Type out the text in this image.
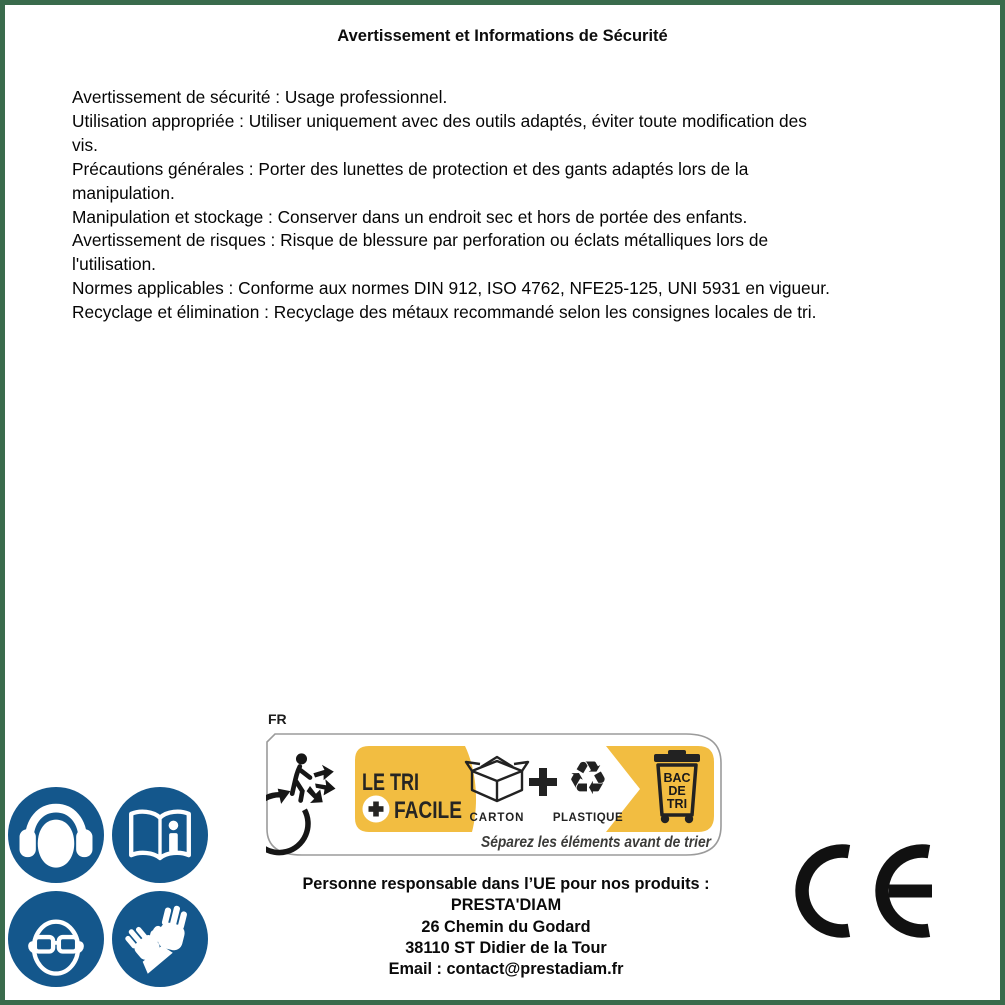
Avertissement et Informations de Sécurité
Avertissement de sécurité : Usage professionnel.
Utilisation appropriée : Utiliser uniquement avec des outils adaptés, éviter toute modification des
vis.
Précautions générales : Porter des lunettes de protection et des gants adaptés lors de la
manipulation.
Manipulation et stockage : Conserver dans un endroit sec et hors de portée des enfants.
Avertissement de risques : Risque de blessure par perforation ou éclats métalliques lors de
l'utilisation.
Normes applicables : Conforme aux normes DIN 912, ISO 4762, NFE25-125, UNI 5931 en vigueur.
Recyclage et élimination : Recyclage des métaux recommandé selon les consignes locales de tri.
FR
LE TRI
FACILE CARTON
♻
PLASTIQUE
BAC
DE
TRI
Séparez les éléments avant de trier
Personne responsable dans l’UE pour nos produits :
PRESTA'DIAM
26 Chemin du Godard
38110 ST Didier de la Tour
Email : contact@prestadiam.fr
